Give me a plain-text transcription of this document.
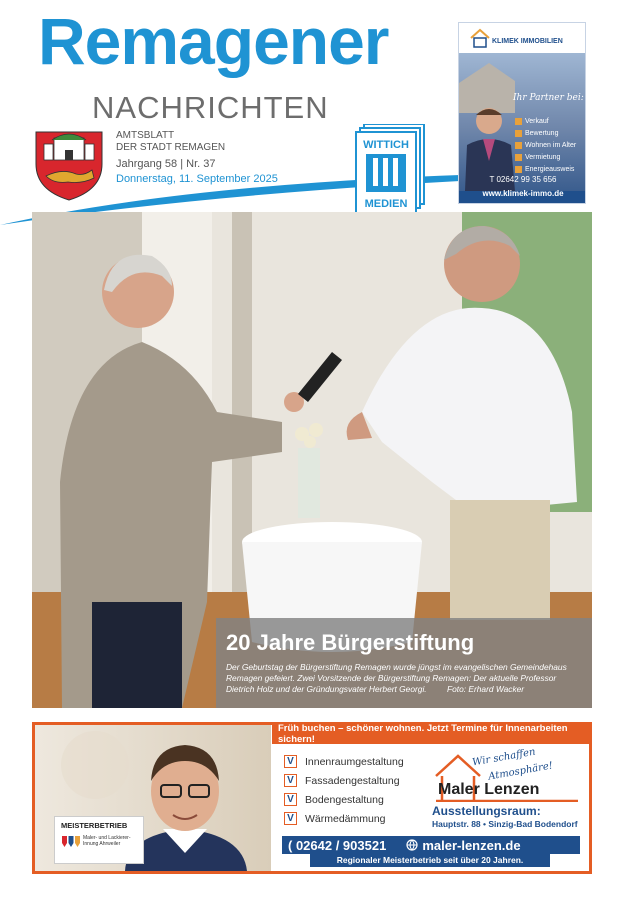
Remagener
NACHRICHTEN
AMTSBLATT
DER STADT REMAGEN
Jahrgang 58 | Nr. 37
Donnerstag, 11. September 2025
WITTICH
MEDIEN
KLIMEK IMMOBILIEN
Ihr Partner bei:
Verkauf
Bewertung
Wohnen im Alter
Vermietung
Energieausweis
T 02642 99 35 656
www.klimek-immo.de
20 Jahre Bürgerstiftung
Der Geburtstag der Bürgerstiftung Remagen wurde jüngst im evangelischen Gemeindehaus Remagen gefeiert. Zwei Vorsitzende der Bürgerstiftung Remagen: Der aktuelle Professor Dietrich Holz und der Gründungsvater Herbert Georgi. Foto: Erhard Wacker
Früh buchen – schöner wohnen. Jetzt Termine für Innenarbeiten sichern!
MEISTERBETRIEB
Maler- und Lackierer-Innung Ahrweiler
V	Innenraumgestaltung
V	Fassadengestaltung
V	Bodengestaltung
V	Wärmedämmung
Wir schaffen
Atmosphäre!
Maler Lenzen
Ausstellungsraum:
Hauptstr. 88 • Sinzig-Bad Bodendorf
( 02642 / 903521	maler-lenzen.de
Regionaler Meisterbetrieb seit über 20 Jahren.
